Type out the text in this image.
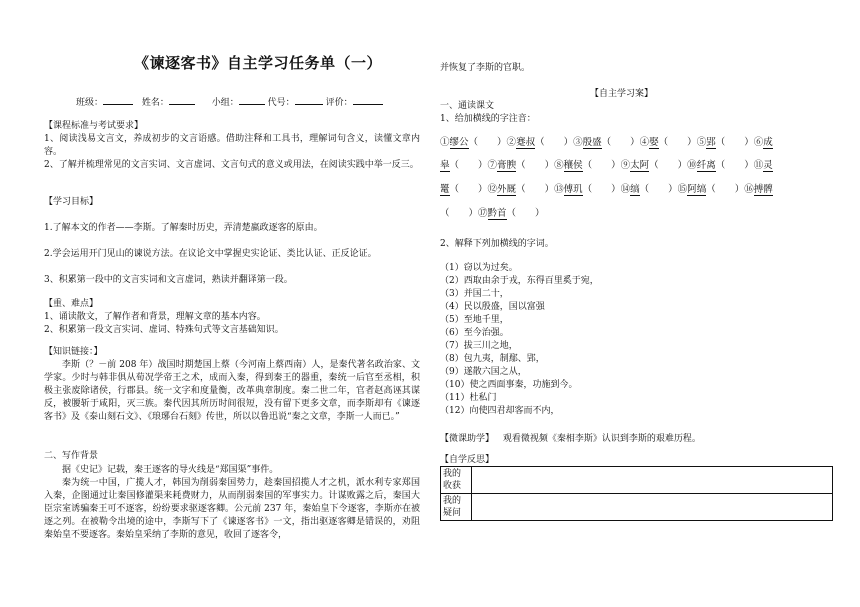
《谏逐客书》自主学习任务单（一）
班级：	姓名：	小组：	代号：	评价：
【课程标准与考试要求】
1、阅读浅易文言文，养成初步的文言语感。借助注释和工具书，理解词句含义，读懂文章内容。
2、了解并梳理常见的文言实词、文言虚词、文言句式的意义或用法，在阅读实践中举一反三。
【学习目标】
1.了解本文的作者——李斯。了解秦时历史，弄清楚嬴政逐客的原由。
2.学会运用开门见山的谏说方法。在议论文中掌握史实论证、类比认证、正反论证。
3、积累第一段中的文言实词和文言虚词，熟读并翻译第一段。
【重、难点】
1、诵读散文，了解作者和背景，理解文章的基本内容。
2、积累第一段文言实词、虚词、特殊句式等文言基础知识。
【知识链接：】
李斯（？－前 208 年）战国时期楚国上蔡（今河南上蔡西南）人，是秦代著名政治家、文学家。少时与韩非俱从荀况学帝王之术，成而入秦，得到秦王的器重，秦统一后官至丞相，积极主张废除诸侯，行郡县。统一文字和度量衡，改革典章制度。秦二世二年，官者赵高诬其谋反，被腰斩于咸阳，灭三族。秦代因其所历时间很短，没有留下更多文章，而李斯却有《谏逐客书》及《泰山刻石文》、《琅琊台石刻》传世，所以以鲁迅说“秦之文章，李斯一人而已。”
二、写作背景
据《史记》记载，秦王逐客的导火线是“郑国渠”事件。
秦为统一中国，广揽人才，韩国为削弱秦国势力，趁秦国招揽人才之机，派水利专家郑国入秦，企图通过让秦国修灌渠来耗费财力，从而削弱秦国的军事实力。计谋败露之后，秦国大臣宗室诱骗秦王可不逐客，纷纷要求驱逐客卿。公元前 237 年，秦始皇下令逐客，李斯亦在被逐之列。在被勒令出境的途中，李斯写下了《谏逐客书》一文，指出驱逐客卿是错误的，劝阻秦始皇不要逐客。秦始皇采纳了李斯的意见，收回了逐客令，
并恢复了李斯的官职。
【自主学习案】
一、通读课文
1、给加横线的字注音：
①缪公（　　）②蹇叔（　　）③殷盛（　　）④娶（　　）⑤郢（　　）⑥成
皋（　　）⑦膏腴（　　）⑧穰侯（　　）⑨太阿（　　）⑩纤离（　　）⑪灵
鼍（　　）⑫外厩（　　）⑬傅玑（　　）⑭缟（　　）⑮阿缟（　　）⑯搏髀
（　　）⑰黔首（　　）
2、解释下列加横线的字词。
（1）窃以为过矣。
（2）西取由余于戎，东得百里奚于宛，
（3）并国二十，
（4）民以殷盛，国以富强
（5）至地千里，
（6）至今治强。
（7）拔三川之地，
（8）包九夷，制鄢、郢，
（9）遂散六国之从，
（10）使之西面事秦，功施到今。
（11）杜私门
（12）向使四君却客而不内，
【微课助学】 观看微视频《秦相李斯》认识到李斯的艰难历程。
【自学反思】
我的收获	
我的疑问	
